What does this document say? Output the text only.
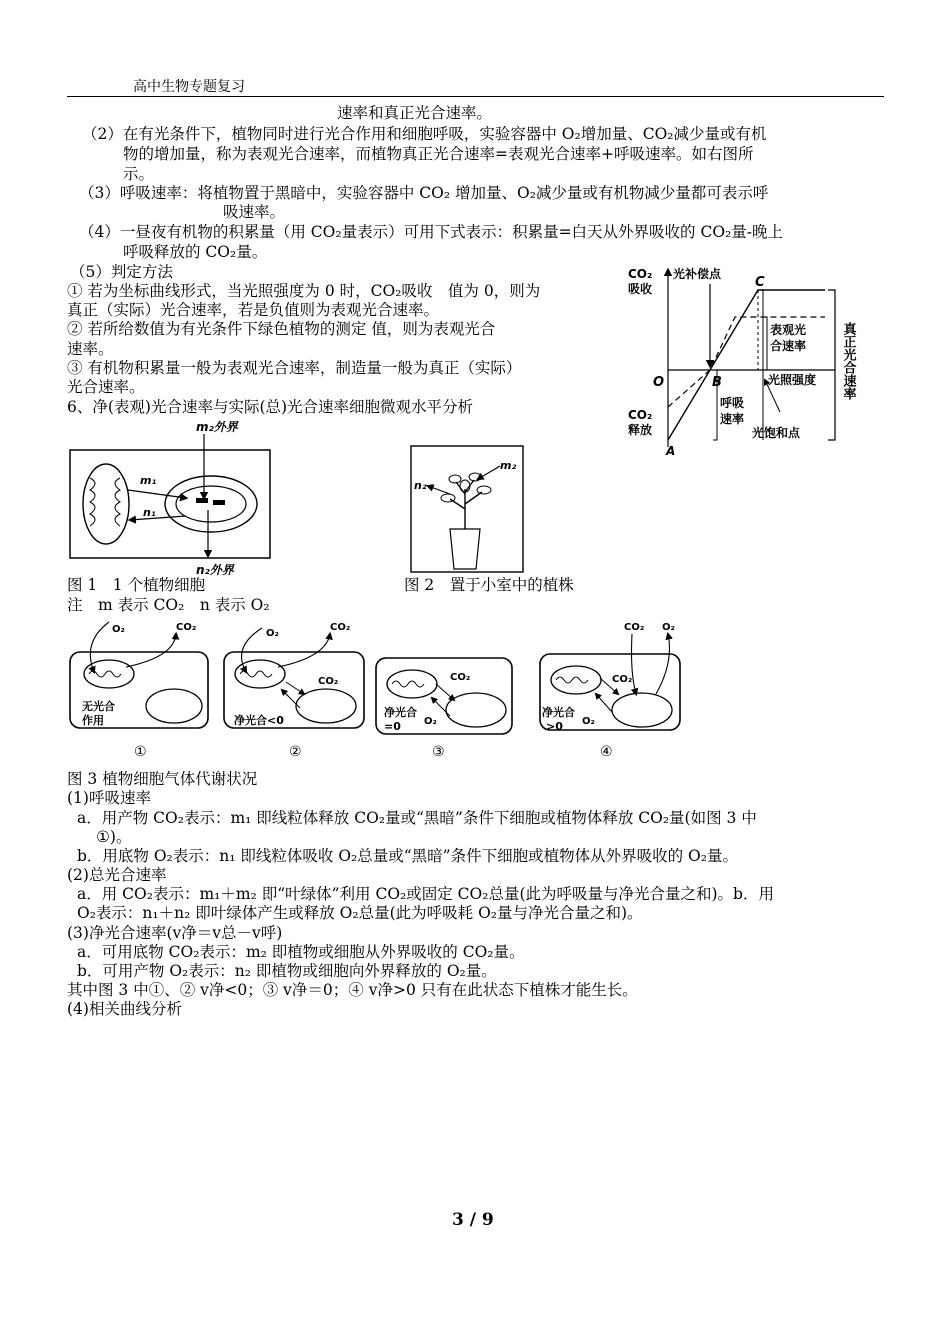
高中生物专题复习
速率和真正光合速率。
（2）在有光条件下，植物同时进行光合作用和细胞呼吸，实验容器中 O₂增加量、CO₂减少量或有机
物的增加量，称为表观光合速率，而植物真正光合速率=表观光合速率+呼吸速率。如右图所
示。
（3）呼吸速率：将植物置于黑暗中，实验容器中 CO₂ 增加量、O₂减少量或有机物减少量都可表示呼
吸速率。
（4）一昼夜有机物的积累量（用 CO₂量表示）可用下式表示：积累量=白天从外界吸收的 CO₂量-晚上
呼吸释放的 CO₂量。
（5）判定方法
① 若为坐标曲线形式，当光照强度为 0 时，CO₂吸收　值为 0，则为
真正（实际）光合速率，若是负值则为表观光合速率。
② 若所给数值为有光条件下绿色植物的测定 值，则为表观光合
速率。
③ 有机物积累量一般为表观光合速率，制造量一般为真正（实际）
光合速率。
6、净(表观)光合速率与实际(总)光合速率细胞微观水平分析
CO₂
吸收
CO₂
释放
O
光补偿点
C
B
A
表观光
合速率
光照强度
呼吸
速率
光饱和点
真正光合速率
m₂外界
m₁
n₁
n₂外界
m₂
n₂
图 1　1 个植物细胞	图 2　置于小室中的植株
注　m 表示 CO₂　n 表示 O₂
无光合
作用
O₂	CO₂
①
净光合<0
O₂
CO₂
CO₂
②
净光合
=0
CO₂
O₂
③
净光合
>0
CO₂ O₂
CO₂
O₂
④
图 3 植物细胞气体代谢状况
(1)呼吸速率
a．用产物 CO₂表示：m₁ 即线粒体释放 CO₂量或“黑暗”条件下细胞或植物体释放 CO₂量(如图 3 中
①)。
b．用底物 O₂表示：n₁ 即线粒体吸收 O₂总量或“黑暗”条件下细胞或植物体从外界吸收的 O₂量。
(2)总光合速率
a．用 CO₂表示：m₁＋m₂ 即“叶绿体”利用 CO₂或固定 CO₂总量(此为呼吸量与净光合量之和)。b．用
O₂表示：n₁＋n₂ 即叶绿体产生或释放 O₂总量(此为呼吸耗 O₂量与净光合量之和)。
(3)净光合速率(v净＝v总－v呼)
a．可用底物 CO₂表示：m₂ 即植物或细胞从外界吸收的 CO₂量。
b．可用产物 O₂表示：n₂ 即植物或细胞向外界释放的 O₂量。
其中图 3 中①、② v净<0；③ v净＝0；④ v净>0 只有在此状态下植株才能生长。
(4)相关曲线分析
3 / 9
